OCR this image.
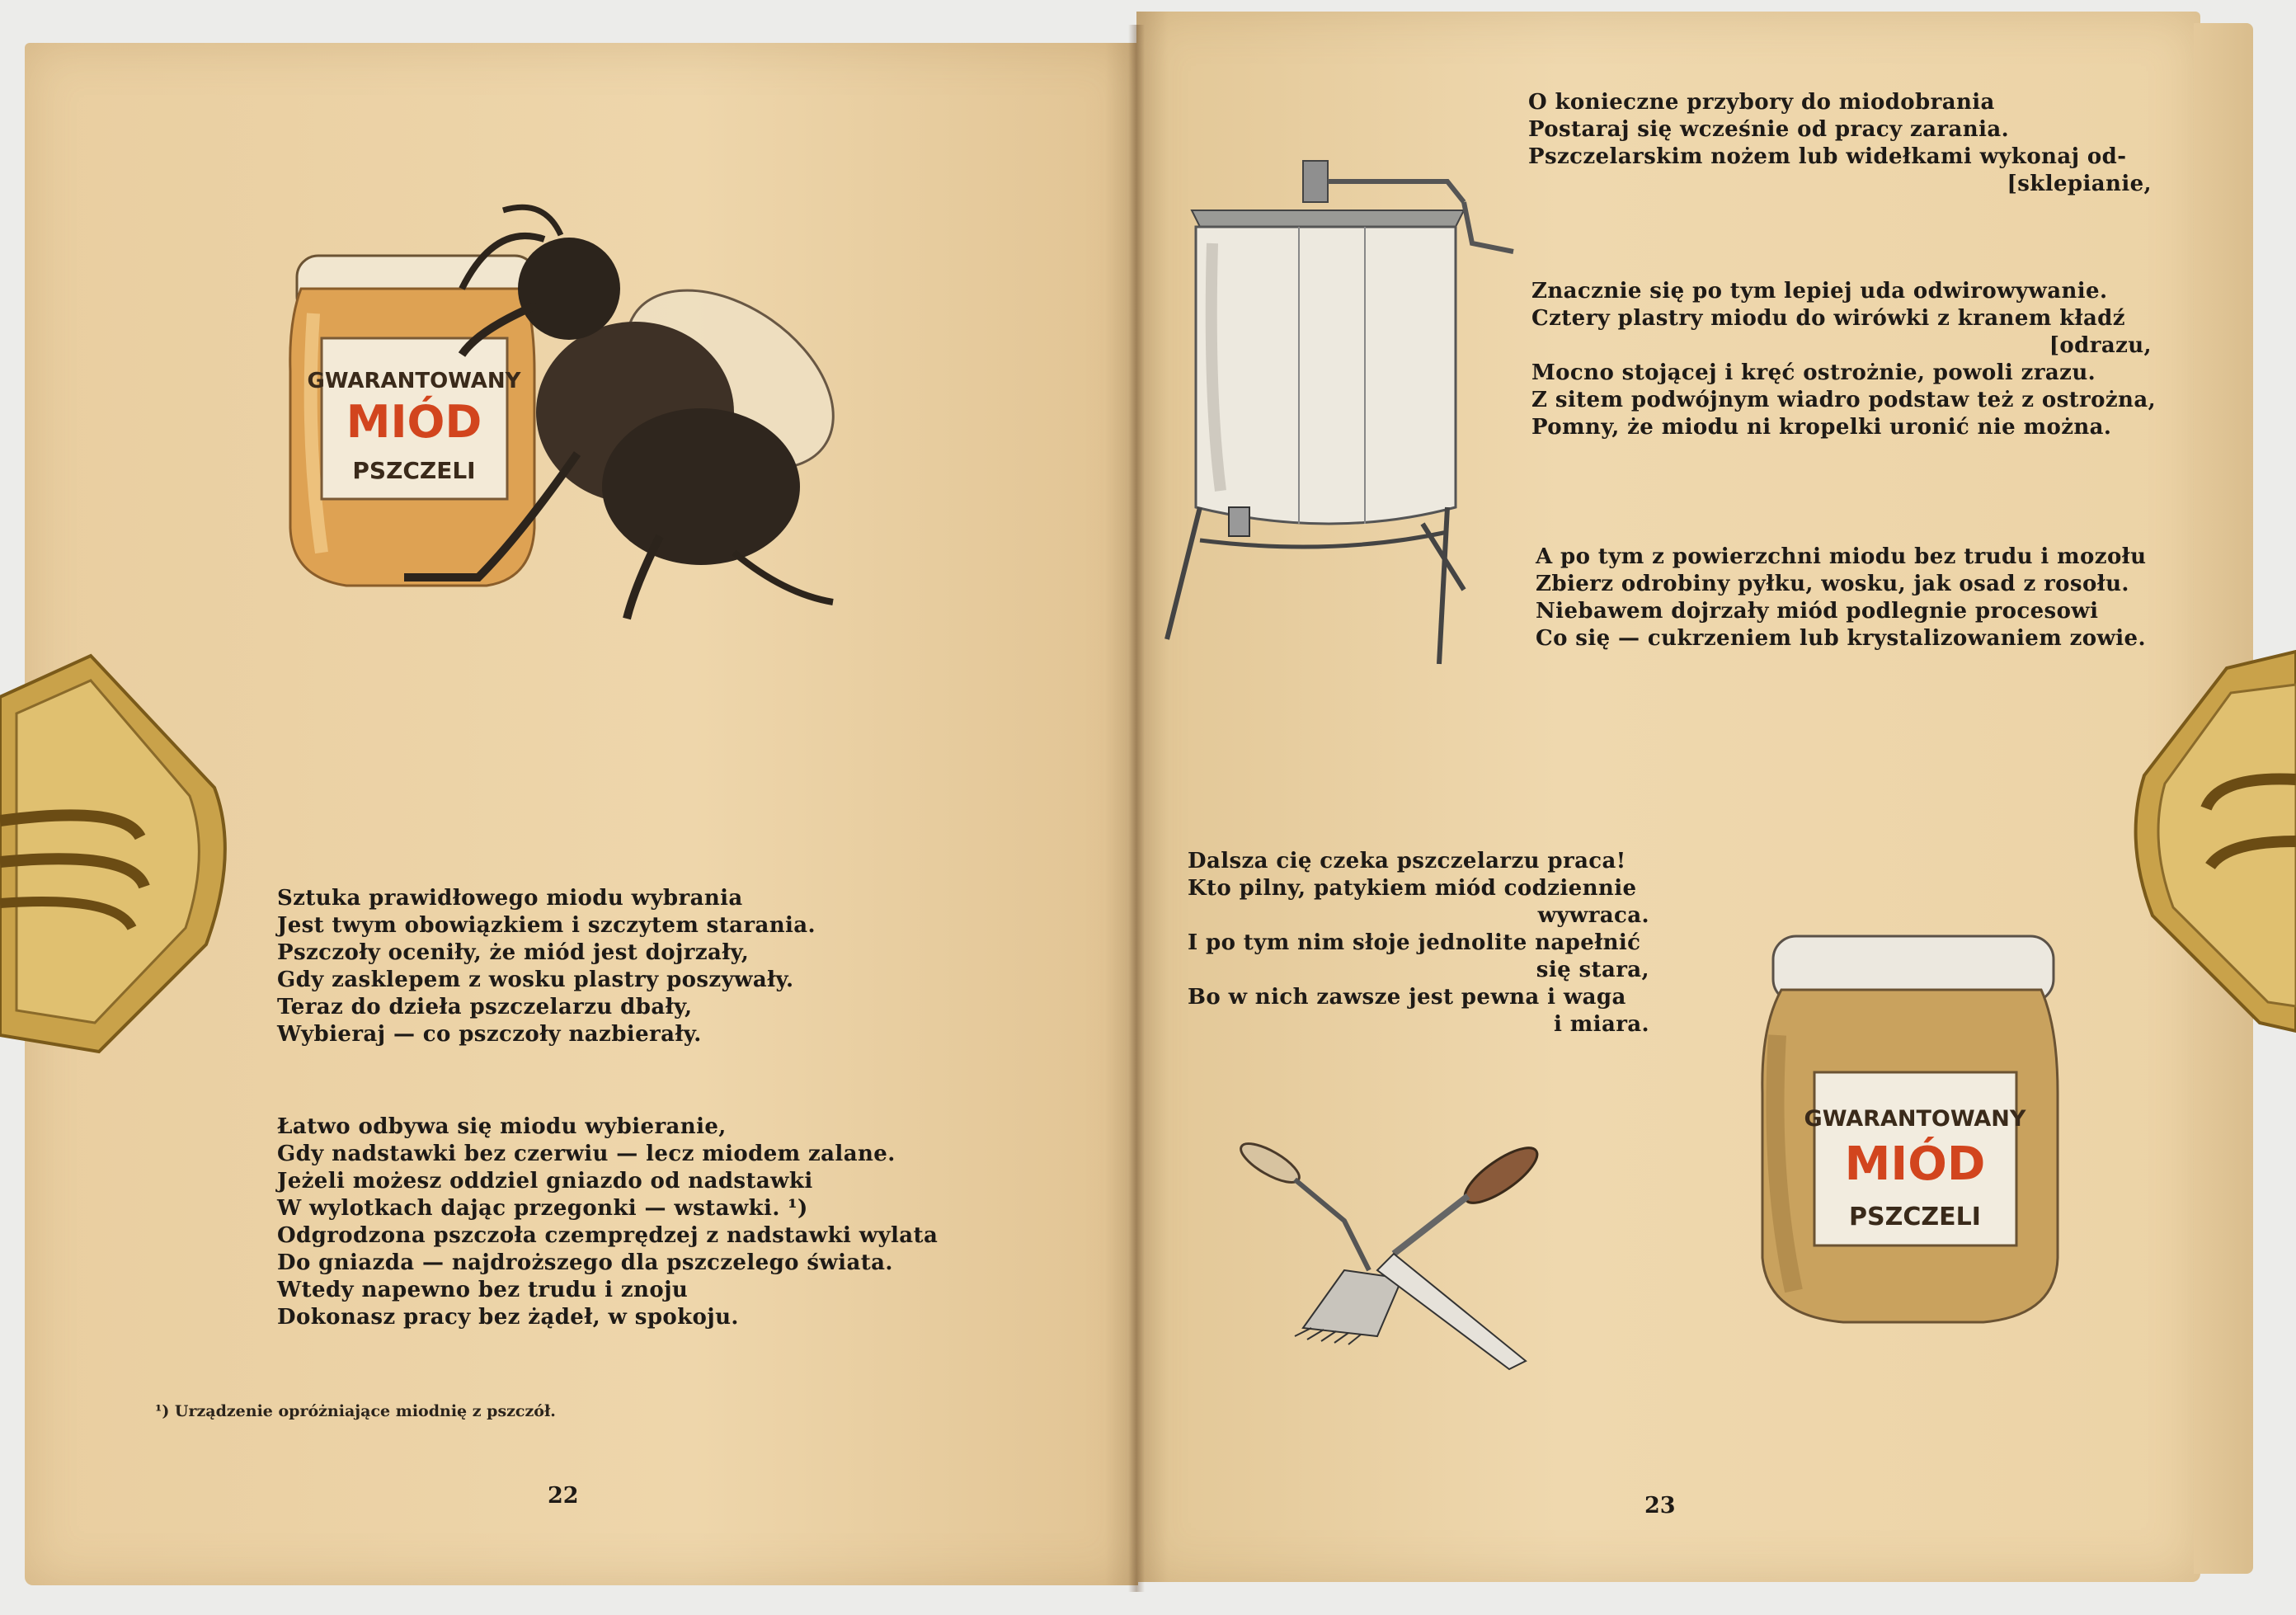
GWARANTOWANY
MIÓD
PSZCZELI
Sztuka prawidłowego miodu wybrania
Jest twym obowiązkiem i szczytem starania.
Pszczoły oceniły, że miód jest dojrzały,
Gdy zasklepem z wosku plastry poszywały.
Teraz do dzieła pszczelarzu dbały,
Wybieraj — co pszczoły nazbierały.
Łatwo odbywa się miodu wybieranie,
Gdy nadstawki bez czerwiu — lecz miodem zalane.
Jeżeli możesz oddziel gniazdo od nadstawki
W wylotkach dając przegonki — wstawki. ¹)
Odgrodzona pszczoła czemprędzej z nadstawki wylata
Do gniazda — najdroższego dla pszczelego świata.
Wtedy napewno bez trudu i znoju
Dokonasz pracy bez żądeł, w spokoju.
¹) Urządzenie opróżniające miodnię z pszczół.
22
O konieczne przybory do miodobrania
Postaraj się wcześnie od pracy zarania.
Pszczelarskim nożem lub widełkami wykonaj od-
[sklepianie,
Znacznie się po tym lepiej uda odwirowywanie.
Cztery plastry miodu do wirówki z kranem kładź
[odrazu,
Mocno stojącej i kręć ostrożnie, powoli zrazu.
Z sitem podwójnym wiadro podstaw też z ostrożna,
Pomny, że miodu ni kropelki uronić nie można.
A po tym z powierzchni miodu bez trudu i mozołu
Zbierz odrobiny pyłku, wosku, jak osad z rosołu.
Niebawem dojrzały miód podlegnie procesowi
Co się — cukrzeniem lub krystalizowaniem zowie.
Dalsza cię czeka pszczelarzu praca!
Kto pilny, patykiem miód codziennie
wywraca.
I po tym nim słoje jednolite napełnić
się stara,
Bo w nich zawsze jest pewna i waga
i miara.
GWARANTOWANY
MIÓD
PSZCZELI
23
